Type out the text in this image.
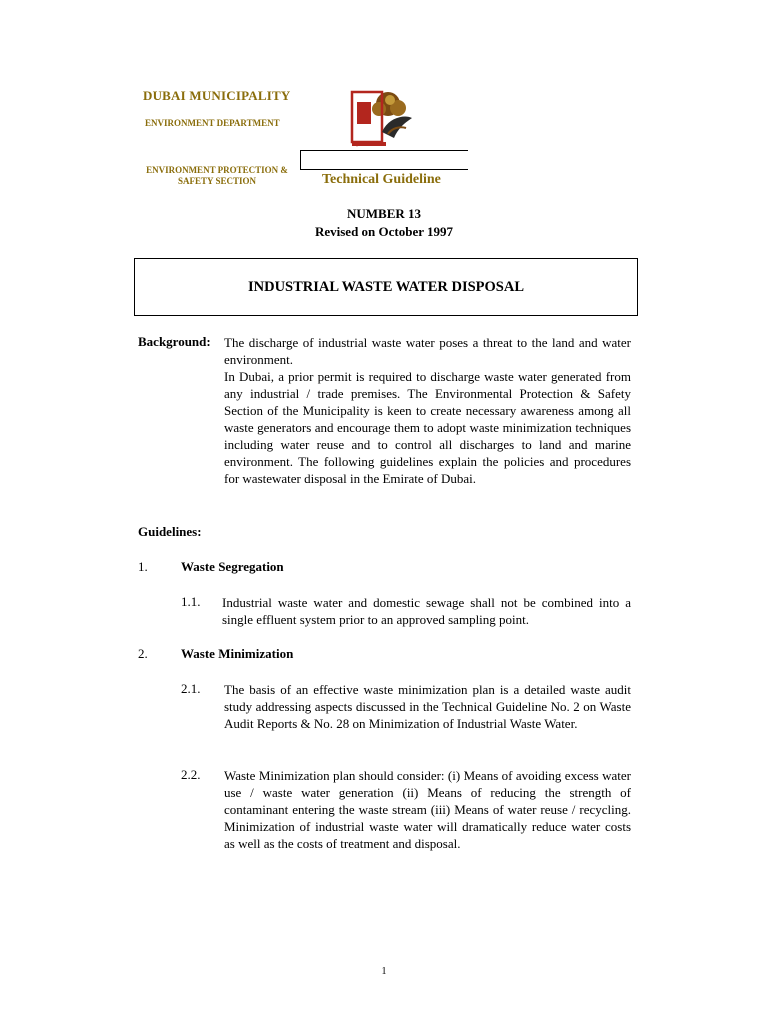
DUBAI MUNICIPALITY
ENVIRONMENT DEPARTMENT
ENVIRONMENT PROTECTION & SAFETY SECTION
·
Technical Guideline
NUMBER 13
Revised on October 1997
INDUSTRIAL WASTE WATER DISPOSAL
Background: The discharge of industrial waste water poses a threat to the land and water environment.

In Dubai, a prior permit is required to discharge waste water generated from any industrial / trade premises. The Environmental Protection & Safety Section of the Municipality is keen to create necessary awareness among all waste generators and encourage them to adopt waste minimization techniques including water reuse and to control all discharges to land and marine environment. The following guidelines explain the policies and procedures for wastewater disposal in the Emirate of Dubai.

Guidelines:
1.	Waste Segregation
1.1. Industrial waste water and domestic sewage shall not be combined into a single effluent system prior to an approved sampling point.
2.	Waste Minimization
2.1. The basis of an effective waste minimization plan is a detailed waste audit study addressing aspects discussed in the Technical Guideline No. 2 on Waste Audit Reports & No. 28 on Minimization of Industrial Waste Water.
2.2. Waste Minimization plan should consider: (i) Means of avoiding excess water use / waste water generation (ii) Means of reducing the strength of contaminant entering the waste stream (iii) Means of water reuse / recycling. Minimization of industrial waste water will dramatically reduce water costs as well as the costs of treatment and disposal.
1
